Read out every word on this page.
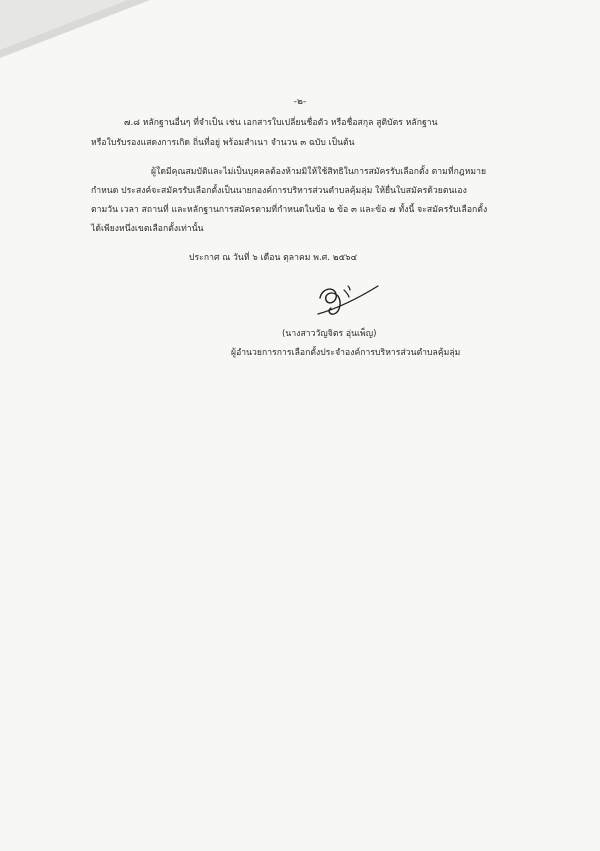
-๒-
๗.๘ หลักฐานอื่นๆ ที่จำเป็น เช่น เอกสารใบเปลี่ยนชื่อตัว หรือชื่อสกุล สูติบัตร หลักฐาน
หรือใบรับรองแสดงการเกิด ถิ่นที่อยู่ พร้อมสำเนา จำนวน ๓ ฉบับ เป็นต้น
ผู้ใดมีคุณสมบัติและไม่เป็นบุคคลต้องห้ามมิให้ใช้สิทธิในการสมัครรับเลือกตั้ง ตามที่กฎหมาย
กำหนด ประสงค์จะสมัครรับเลือกตั้งเป็นนายกองค์การบริหารส่วนตำบลคุ้มลุ่ม ให้ยื่นใบสมัครด้วยตนเอง
ตามวัน เวลา สถานที่ และหลักฐานการสมัครตามที่กำหนดในข้อ ๒ ข้อ ๓ และข้อ ๗ ทั้งนี้ จะสมัครรับเลือกตั้ง
ได้เพียงหนึ่งเขตเลือกตั้งเท่านั้น
ประกาศ ณ วันที่ ๖ เดือน ตุลาคม พ.ศ. ๒๕๖๔
(นางสาววัญจิตร อุ่นเพ็ญ)
ผู้อำนวยการการเลือกตั้งประจำองค์การบริหารส่วนตำบลคุ้มลุ่ม
